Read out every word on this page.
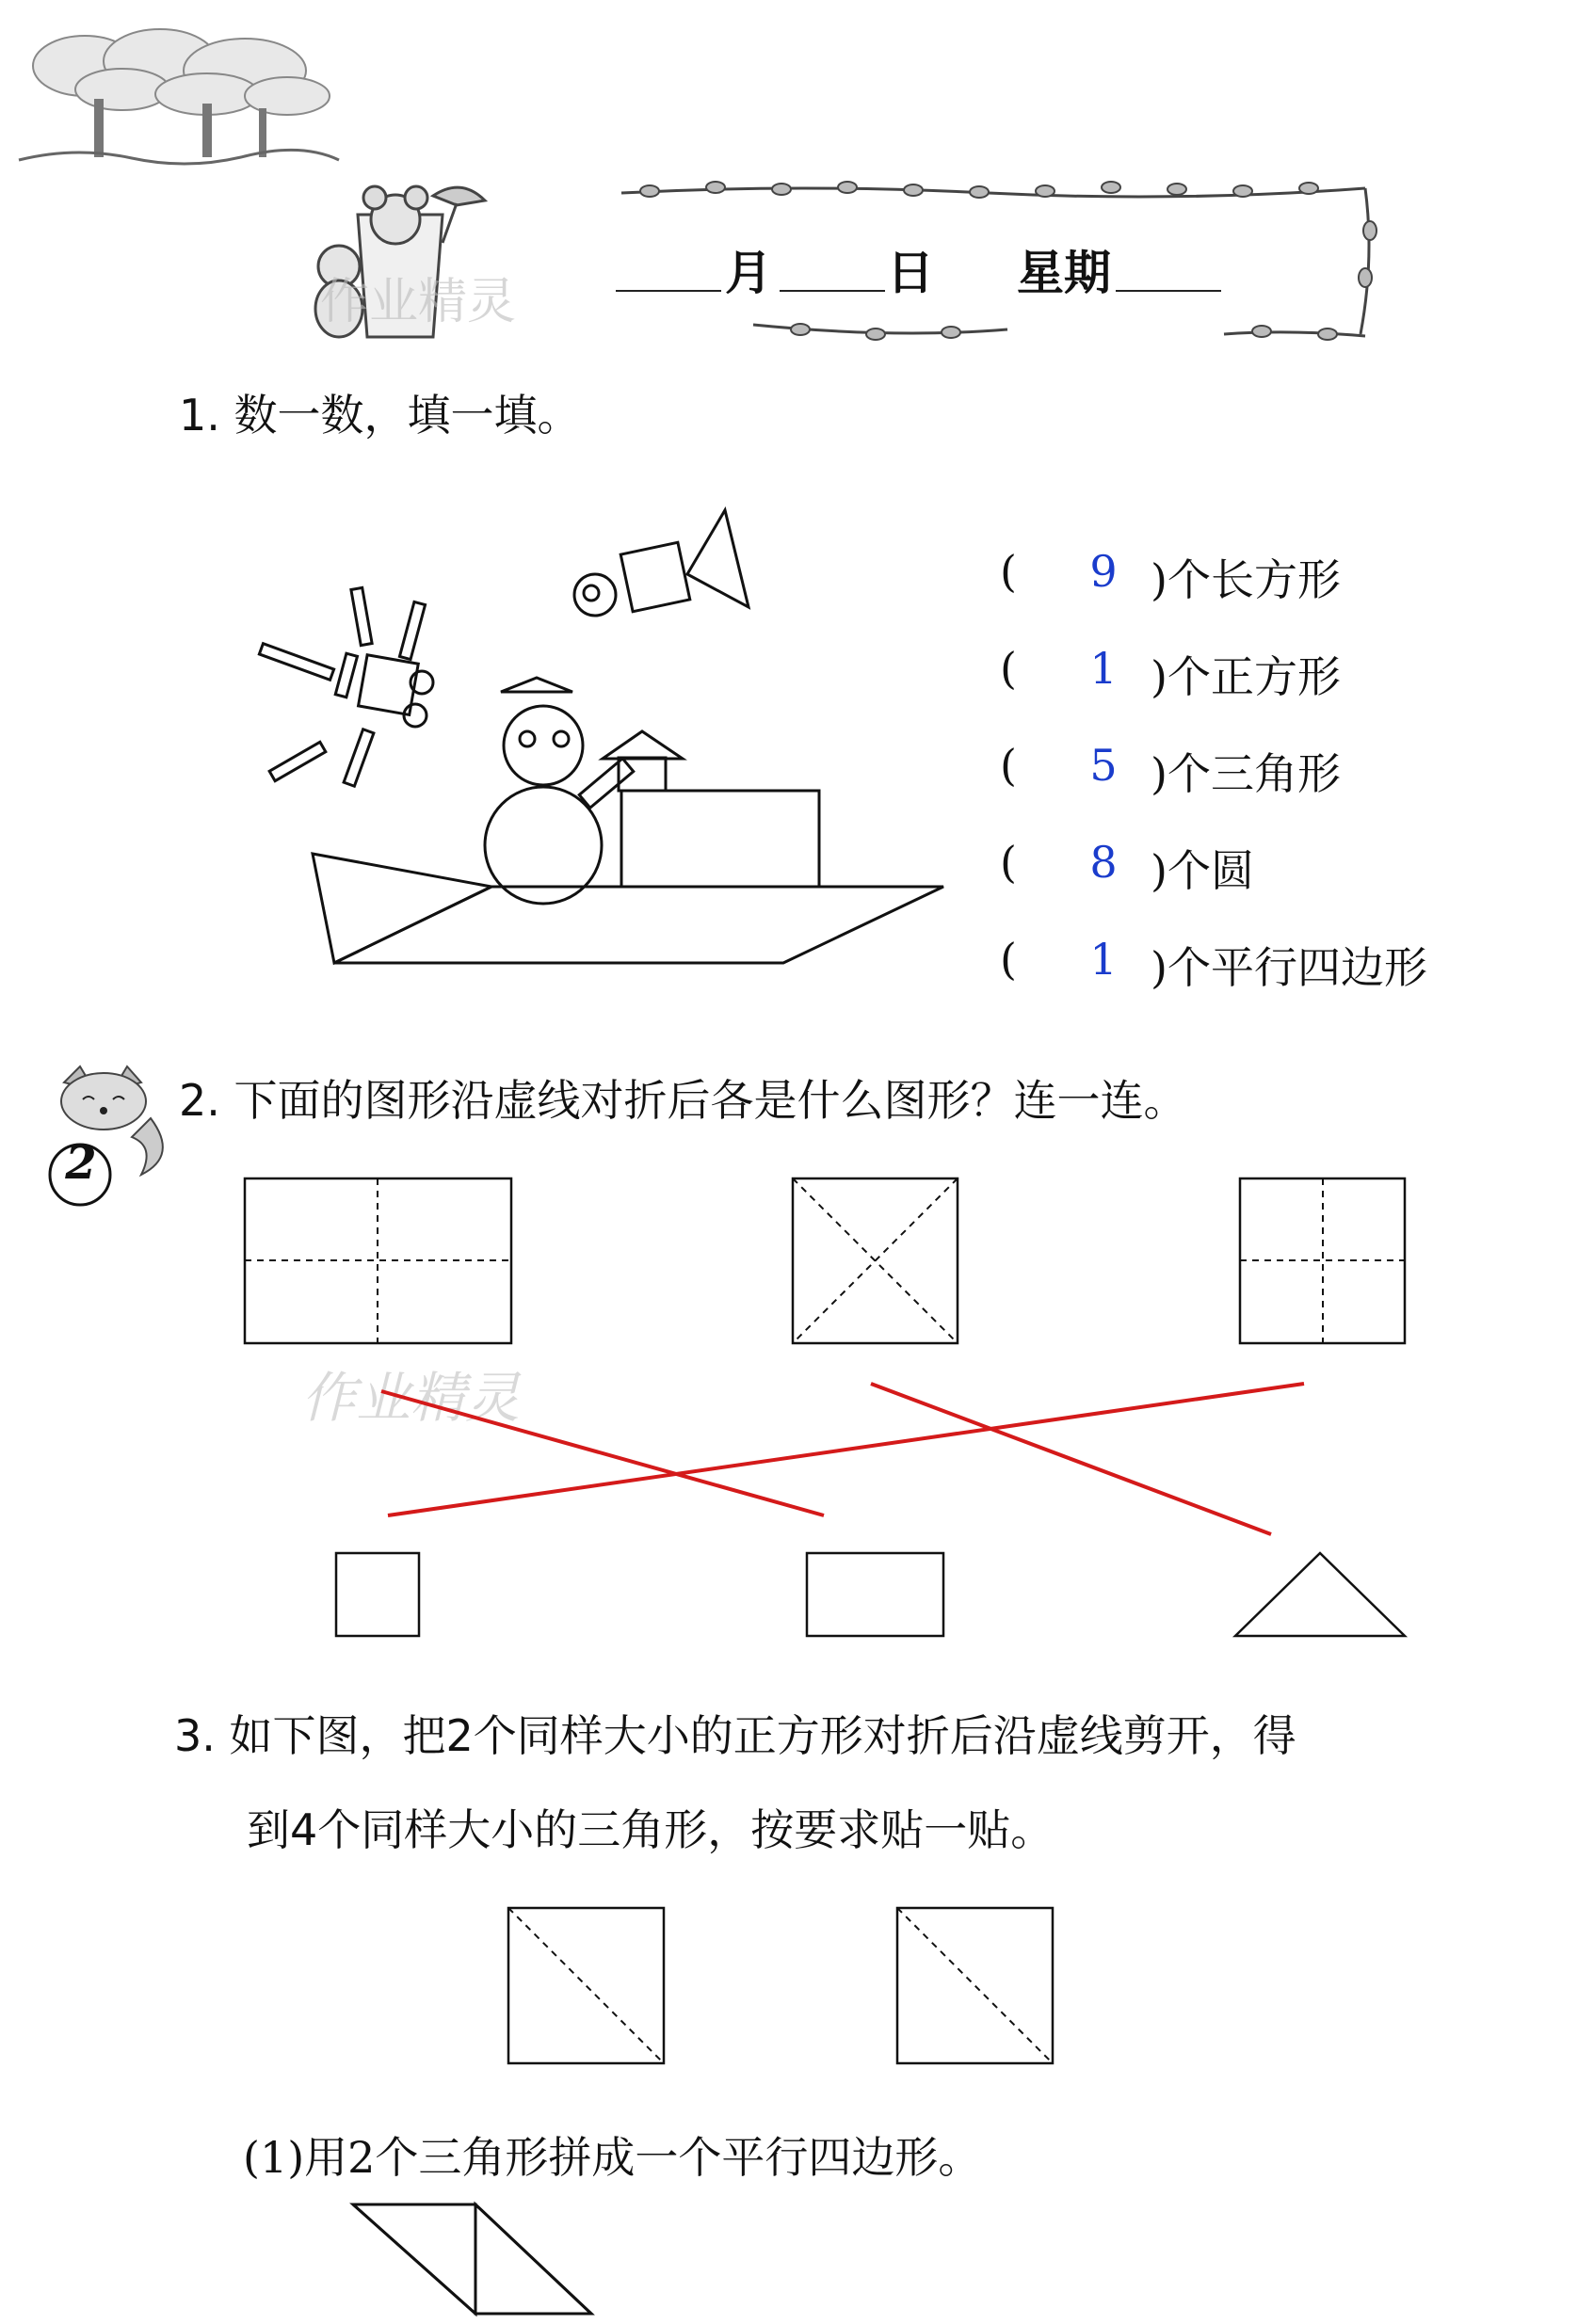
作业精灵
月 日 星期
1. 数一数，填一填。
(	9 )个长方形
(	1 )个正方形
(	5 )个三角形
(	8 )个圆
(	1 )个平行四边形
2
2. 下面的图形沿虚线对折后各是什么图形？连一连。
作业精灵
3. 如下图，把2个同样大小的正方形对折后沿虚线剪开，得
到4个同样大小的三角形，按要求贴一贴。
(1)用2个三角形拼成一个平行四边形。
